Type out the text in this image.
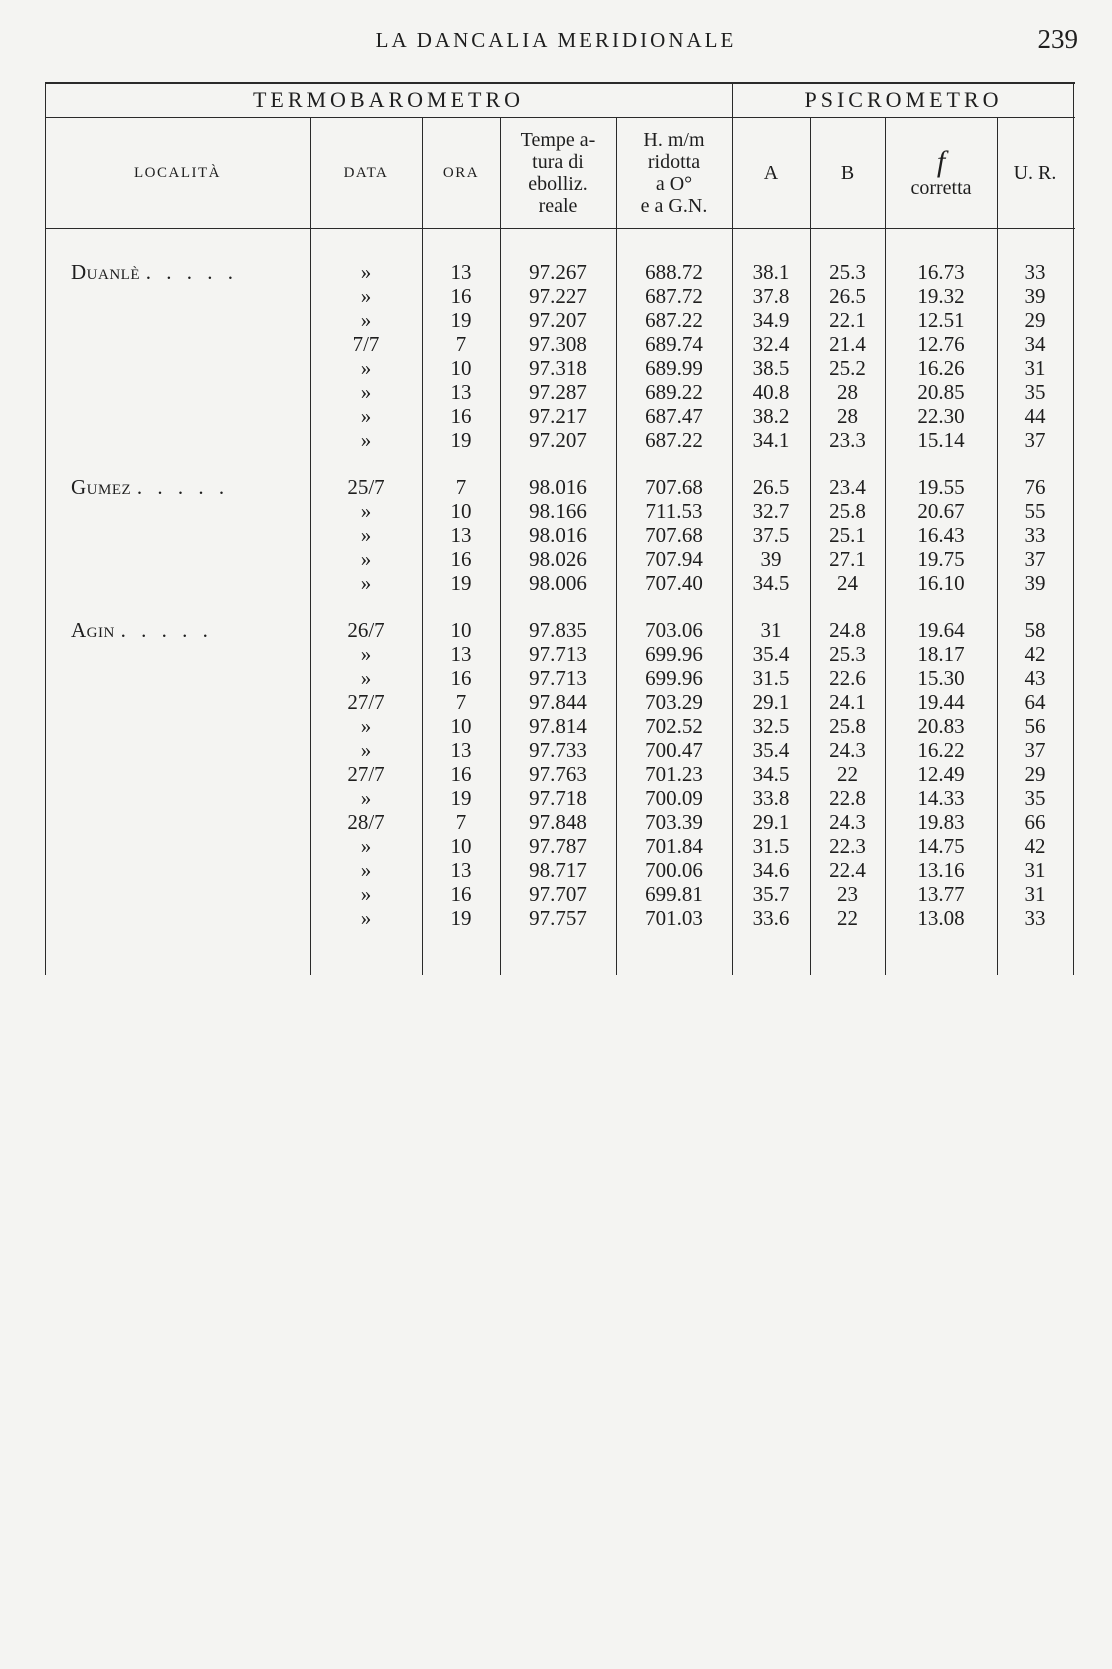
LA DANCALIA MERIDIONALE	239
TERMOBAROMETRO	PSICROMETRO
LOCALITÀ	DATA	ORA
Tempe a-
tura di
ebolliz.
reale
H. m/m
ridotta
a O°
e a G.N.
A	B	f
corretta
U. R.
Duanlè . . . . .	»	13	97.267	688.72	38.1	25.3	16.73	33
»	16	97.227	687.72	37.8	26.5	19.32	39
»	19	97.207	687.22	34.9	22.1	12.51	29
7/7	7	97.308	689.74	32.4	21.4	12.76	34
»	10	97.318	689.99	38.5	25.2	16.26	31
»	13	97.287	689.22	40.8	28	20.85	35
»	16	97.217	687.47	38.2	28	22.30	44
»	19	97.207	687.22	34.1	23.3	15.14	37
Gumez . . . . .	25/7	7	98.016	707.68	26.5	23.4	19.55	76
»	10	98.166	711.53	32.7	25.8	20.67	55
»	13	98.016	707.68	37.5	25.1	16.43	33
»	16	98.026	707.94	39	27.1	19.75	37
»	19	98.006	707.40	34.5	24	16.10	39
Agin . . . . .	26/7	10	97.835	703.06	31	24.8	19.64	58
»	13	97.713	699.96	35.4	25.3	18.17	42
»	16	97.713	699.96	31.5	22.6	15.30	43
27/7	7	97.844	703.29	29.1	24.1	19.44	64
»	10	97.814	702.52	32.5	25.8	20.83	56
»	13	97.733	700.47	35.4	24.3	16.22	37
27/7	16	97.763	701.23	34.5	22	12.49	29
»	19	97.718	700.09	33.8	22.8	14.33	35
28/7	7	97.848	703.39	29.1	24.3	19.83	66
»	10	97.787	701.84	31.5	22.3	14.75	42
»	13	98.717	700.06	34.6	22.4	13.16	31
»	16	97.707	699.81	35.7	23	13.77	31
»	19	97.757	701.03	33.6	22	13.08	33
